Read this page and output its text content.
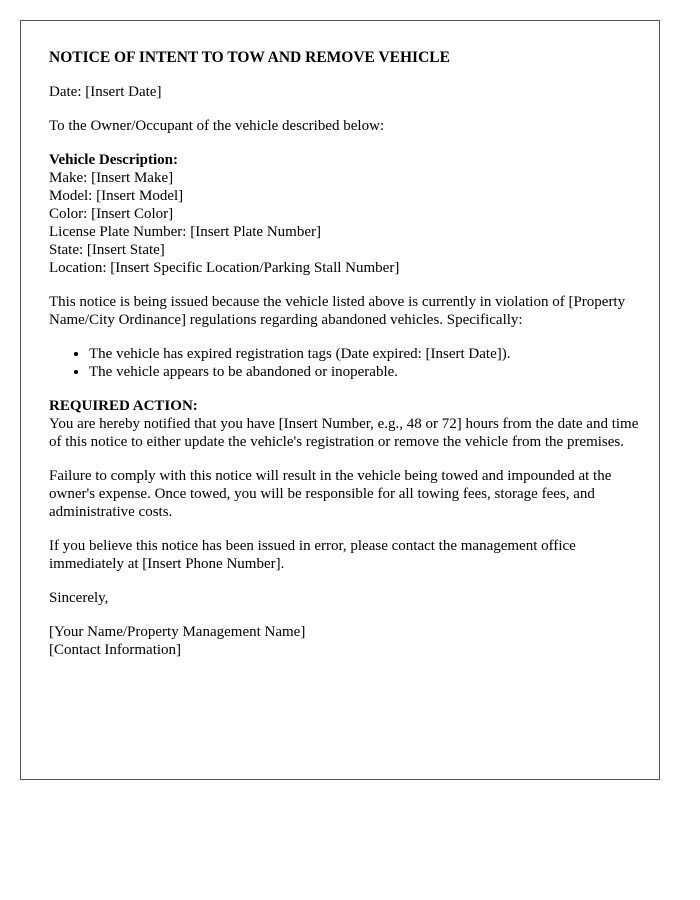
NOTICE OF INTENT TO TOW AND REMOVE VEHICLE

Date: [Insert Date]

To the Owner/Occupant of the vehicle described below:

Vehicle Description:
Make: [Insert Make]
Model: [Insert Model]
Color: [Insert Color]
License Plate Number: [Insert Plate Number]
State: [Insert State]
Location: [Insert Specific Location/Parking Stall Number]

This notice is being issued because the vehicle listed above is currently in violation of [Property Name/City Ordinance] regulations regarding abandoned vehicles. Specifically:

• The vehicle has expired registration tags (Date expired: [Insert Date]).
• The vehicle appears to be abandoned or inoperable.
REQUIRED ACTION:
You are hereby notified that you have [Insert Number, e.g., 48 or 72] hours from the date and time of this notice to either update the vehicle's registration or remove the vehicle from the premises.

Failure to comply with this notice will result in the vehicle being towed and impounded at the owner's expense. Once towed, you will be responsible for all towing fees, storage fees, and administrative costs.

If you believe this notice has been issued in error, please contact the management office immediately at [Insert Phone Number].

Sincerely,

[Your Name/Property Management Name]
[Contact Information]
